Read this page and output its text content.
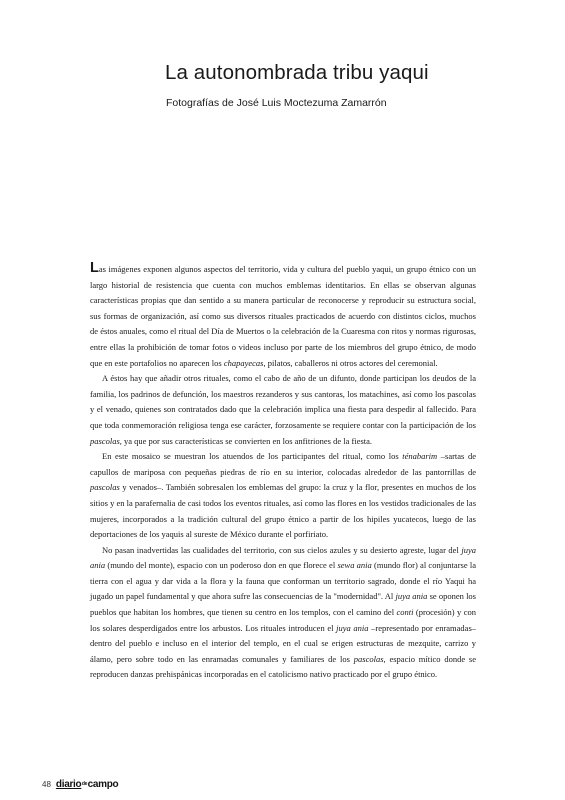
La autonombrada tribu yaqui
Fotografías de José Luis Moctezuma Zamarrón

Las imágenes exponen algunos aspectos del territorio, vida y cultura del pueblo yaqui, un grupo étnico con un largo historial de resistencia que cuenta con muchos emblemas identitarios. En ellas se observan algunas características propias que dan sentido a su manera particular de reconocerse y reproducir su estructura social, sus formas de organización, así como sus diversos rituales practicados de acuerdo con distintos ciclos, muchos de éstos anuales, como el ritual del Día de Muertos o la celebración de la Cuaresma con ritos y normas rigurosas, entre ellas la prohibición de tomar fotos o videos incluso por parte de los miembros del grupo étnico, de modo que en este portafolios no aparecen los chapayecas, pilatos, caballeros ni otros actores del ceremonial.

A éstos hay que añadir otros rituales, como el cabo de año de un difunto, donde participan los deudos de la familia, los padrinos de defunción, los maestros rezanderos y sus cantoras, los matachines, así como los pascolas y el venado, quienes son contratados dado que la celebración implica una fiesta para despedir al fallecido. Para que toda conmemoración religiosa tenga ese carácter, forzosamente se requiere contar con la participación de los pascolas, ya que por sus características se convierten en los anfitriones de la fiesta.

En este mosaico se muestran los atuendos de los participantes del ritual, como los ténabarim –sartas de capullos de mariposa con pequeñas piedras de río en su interior, colocadas alrededor de las pantorrillas de pascolas y venados–. También sobresalen los emblemas del grupo: la cruz y la flor, presentes en muchos de los sitios y en la parafernalia de casi todos los eventos rituales, así como las flores en los vestidos tradicionales de las mujeres, incorporados a la tradición cultural del grupo étnico a partir de los hipiles yucatecos, luego de las deportaciones de los yaquis al sureste de México durante el porfiriato.

No pasan inadvertidas las cualidades del territorio, con sus cielos azules y su desierto agreste, lugar del juya ania (mundo del monte), espacio con un poderoso don en que florece el sewa ania (mundo flor) al conjuntarse la tierra con el agua y dar vida a la flora y la fauna que conforman un territorio sagrado, donde el río Yaqui ha jugado un papel fundamental y que ahora sufre las consecuencias de la "modernidad". Al juya ania se oponen los pueblos que habitan los hombres, que tienen su centro en los templos, con el camino del conti (procesión) y con los solares desperdigados entre los arbustos. Los rituales introducen el juya ania –representado por enramadas– dentro del pueblo e incluso en el interior del templo, en el cual se erigen estructuras de mezquite, carrizo y álamo, pero sobre todo en las enramadas comunales y familiares de los pascolas, espacio mítico donde se reproducen danzas prehispánicas incorporadas en el catolicismo nativo practicado por el grupo étnico.

48 diariodecampo
